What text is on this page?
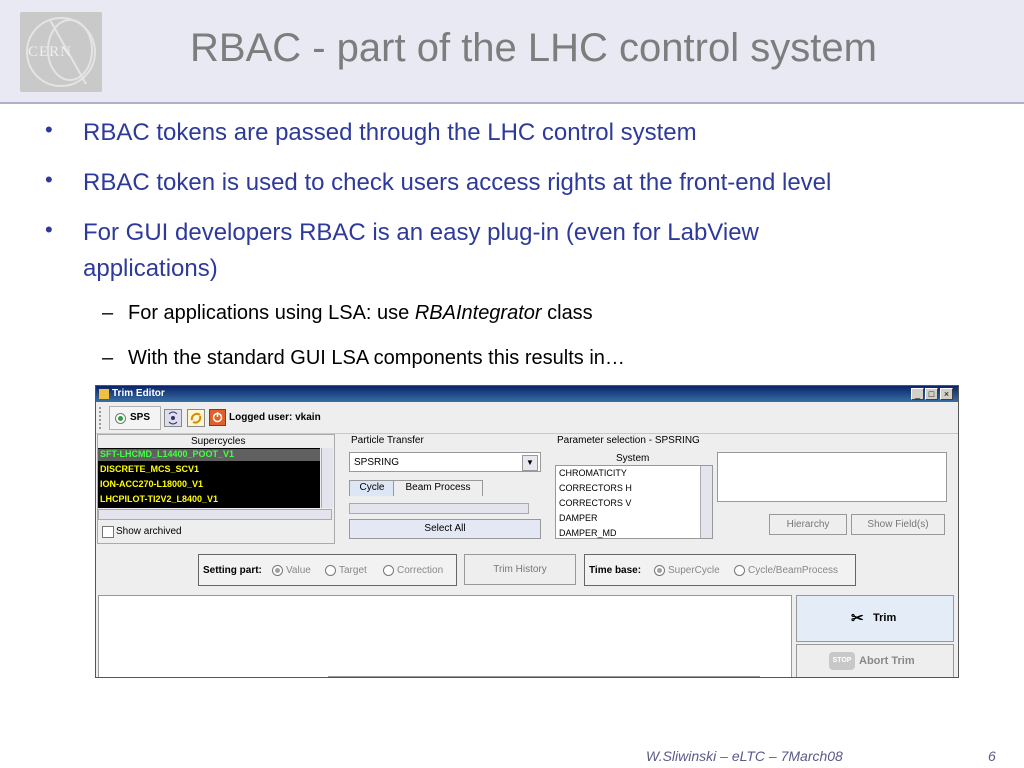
CERN	RBAC - part of the LHC control system
• RBAC tokens are passed through the LHC control system
• RBAC token is used to check users access rights at the front-end level
• For GUI developers RBAC is an easy plug-in (even for LabView
applications)
– For applications using LSA: use RBAIntegrator class
– With the standard GUI LSA components this results in…
Trim Editor	_ □	×
SPS	Logged user: vkain
Supercycles
SFT-LHCMD_L14400_POOT_V1
DISCRETE_MCS_SCV1
ION-ACC270-L18000_V1
LHCPILOT-TI2V2_L8400_V1
Show archived
Particle Transfer
SPSRING	▼
Cycle	Beam Process
Select All
Parameter selection - SPSRING
System
CHROMATICITY
CORRECTORS H
CORRECTORS V
DAMPER
DAMPER_MD
Hierarchy	Show Field(s)
Setting part: Value	Target	Correction	Trim History	Time base:	SuperCycle	Cycle/BeamProcess
✂ Trim
STOP Abort Trim
W.Sliwinski – eLTC – 7March08	6
